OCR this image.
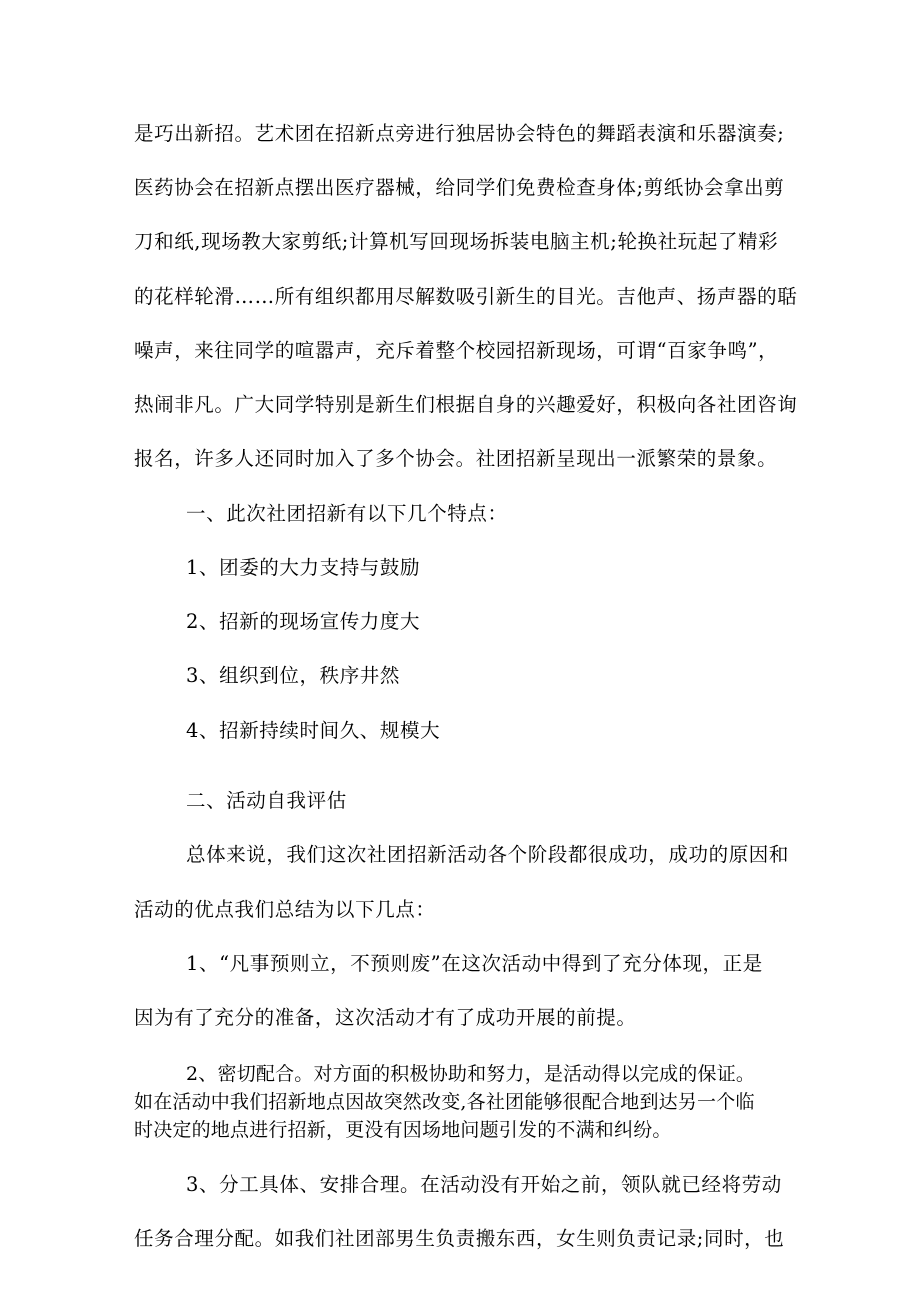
是巧出新招。艺术团在招新点旁进行独居协会特色的舞蹈表演和乐器演奏;
医药协会在招新点摆出医疗器械，给同学们免费检查身体;剪纸协会拿出剪
刀和纸,现场教大家剪纸;计算机写回现场拆装电脑主机;轮换社玩起了精彩
的花样轮滑……所有组织都用尽解数吸引新生的目光。吉他声、扬声器的聒
噪声，来往同学的喧嚣声，充斥着整个校园招新现场，可谓“百家争鸣”，
热闹非凡。广大同学特别是新生们根据自身的兴趣爱好，积极向各社团咨询
报名，许多人还同时加入了多个协会。社团招新呈现出一派繁荣的景象。
一、此次社团招新有以下几个特点：
1、团委的大力支持与鼓励
2、招新的现场宣传力度大
3、组织到位，秩序井然
4、招新持续时间久、规模大
二、活动自我评估
总体来说，我们这次社团招新活动各个阶段都很成功，成功的原因和
活动的优点我们总结为以下几点：
1、“凡事预则立，不预则废”在这次活动中得到了充分体现，正是
因为有了充分的准备，这次活动才有了成功开展的前提。
2、密切配合。对方面的积极协助和努力，是活动得以完成的保证。
如在活动中我们招新地点因故突然改变,各社团能够很配合地到达另一个临
时决定的地点进行招新，更没有因场地问题引发的不满和纠纷。
3、分工具体、安排合理。在活动没有开始之前，领队就已经将劳动
任务合理分配。如我们社团部男生负责搬东西，女生则负责记录;同时，也
